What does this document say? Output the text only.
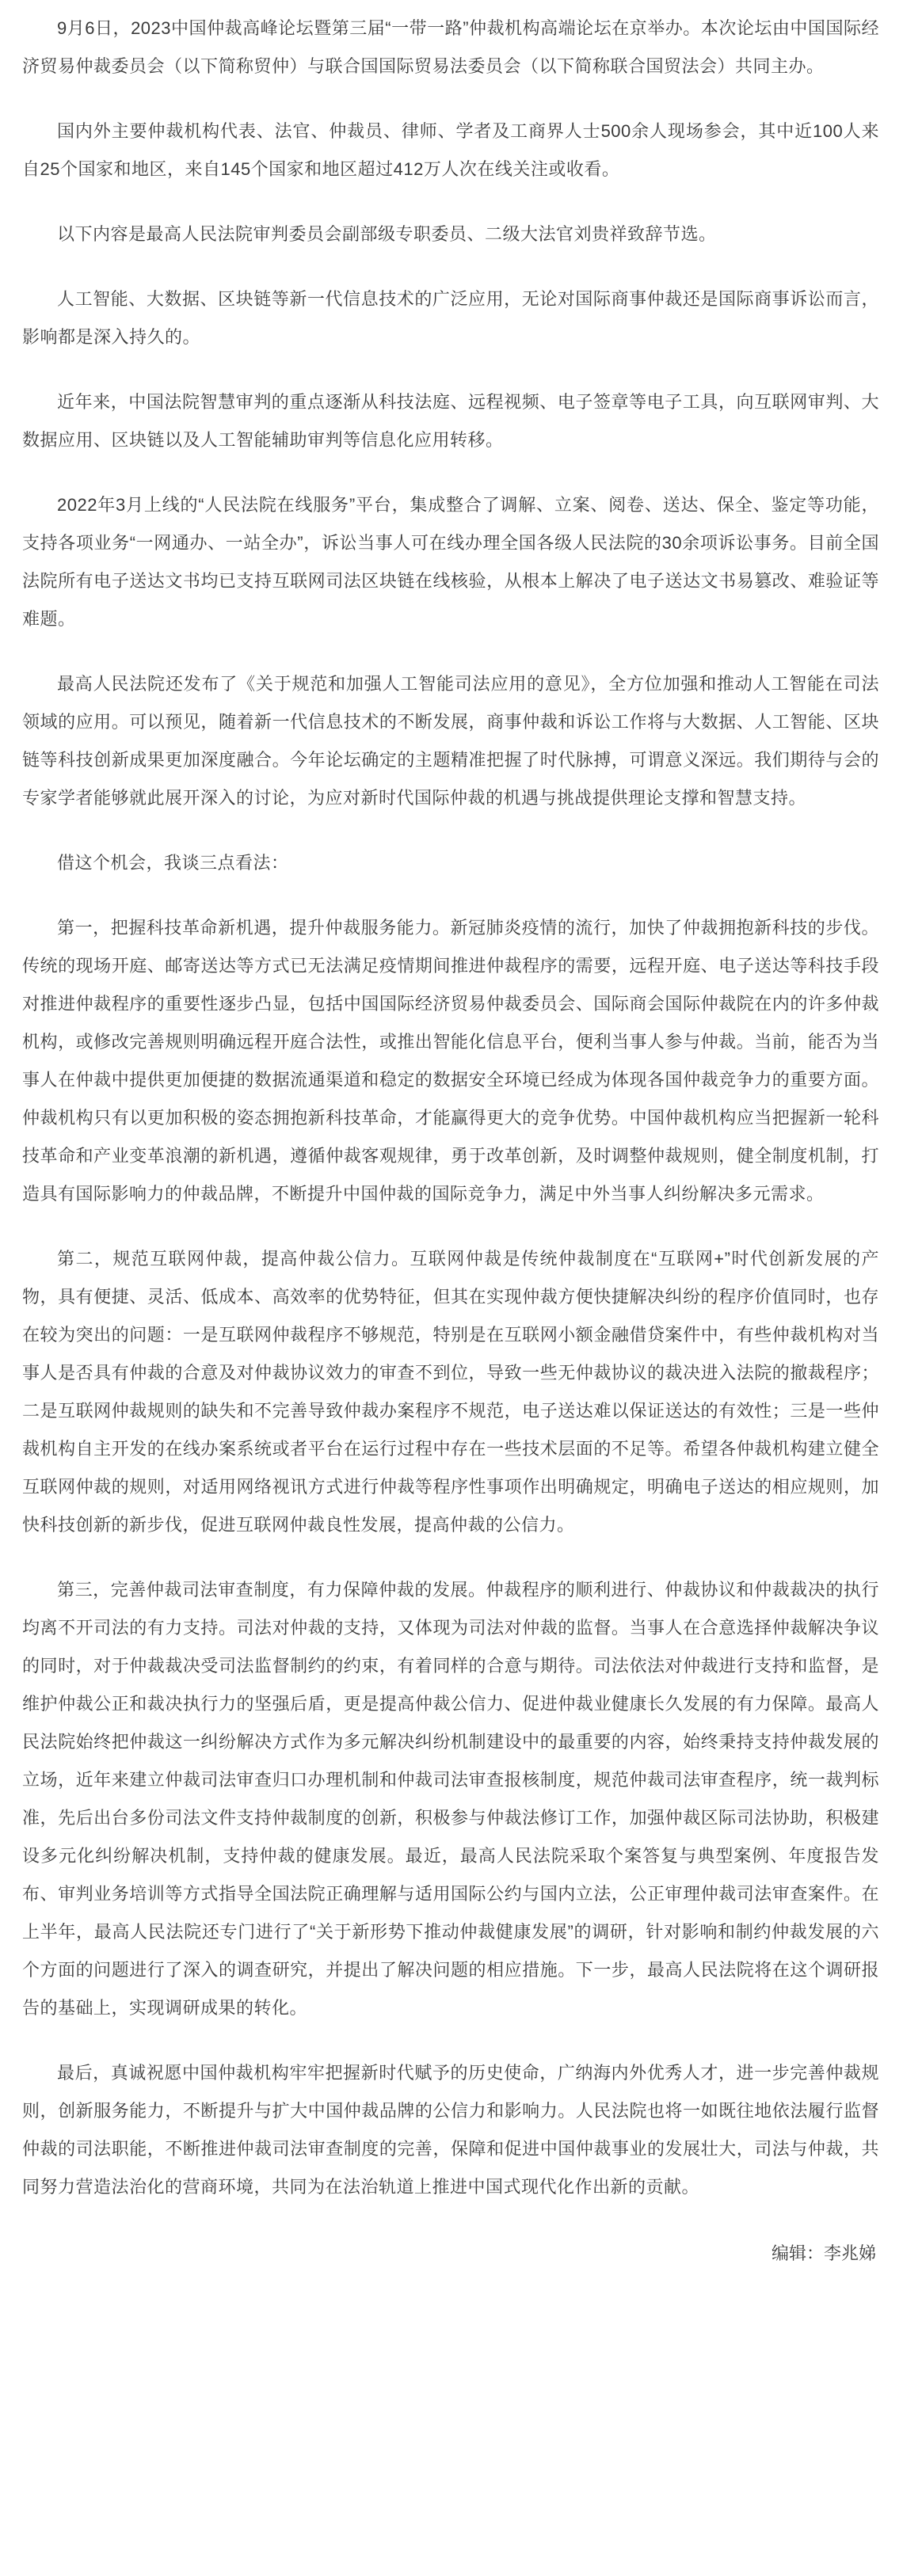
9月6日，2023中国仲裁高峰论坛暨第三届“一带一路”仲裁机构高端论坛在京举办。本次论坛由中国国际经济贸易仲裁委员会（以下简称贸仲）与联合国国际贸易法委员会（以下简称联合国贸法会）共同主办。

国内外主要仲裁机构代表、法官、仲裁员、律师、学者及工商界人士500余人现场参会，其中近100人来自25个国家和地区，来自145个国家和地区超过412万人次在线关注或收看。

以下内容是最高人民法院审判委员会副部级专职委员、二级大法官刘贵祥致辞节选。

人工智能、大数据、区块链等新一代信息技术的广泛应用，无论对国际商事仲裁还是国际商事诉讼而言，影响都是深入持久的。

近年来，中国法院智慧审判的重点逐渐从科技法庭、远程视频、电子签章等电子工具，向互联网审判、大数据应用、区块链以及人工智能辅助审判等信息化应用转移。

2022年3月上线的“人民法院在线服务”平台，集成整合了调解、立案、阅卷、送达、保全、鉴定等功能，支持各项业务“一网通办、一站全办”，诉讼当事人可在线办理全国各级人民法院的30余项诉讼事务。目前全国法院所有电子送达文书均已支持互联网司法区块链在线核验，从根本上解决了电子送达文书易篡改、难验证等难题。

最高人民法院还发布了《关于规范和加强人工智能司法应用的意见》，全方位加强和推动人工智能在司法领域的应用。可以预见，随着新一代信息技术的不断发展，商事仲裁和诉讼工作将与大数据、人工智能、区块链等科技创新成果更加深度融合。今年论坛确定的主题精准把握了时代脉搏，可谓意义深远。我们期待与会的专家学者能够就此展开深入的讨论，为应对新时代国际仲裁的机遇与挑战提供理论支撑和智慧支持。

借这个机会，我谈三点看法：

第一，把握科技革命新机遇，提升仲裁服务能力。新冠肺炎疫情的流行，加快了仲裁拥抱新科技的步伐。传统的现场开庭、邮寄送达等方式已无法满足疫情期间推进仲裁程序的需要，远程开庭、电子送达等科技手段对推进仲裁程序的重要性逐步凸显，包括中国国际经济贸易仲裁委员会、国际商会国际仲裁院在内的许多仲裁机构，或修改完善规则明确远程开庭合法性，或推出智能化信息平台，便利当事人参与仲裁。当前，能否为当事人在仲裁中提供更加便捷的数据流通渠道和稳定的数据安全环境已经成为体现各国仲裁竞争力的重要方面。仲裁机构只有以更加积极的姿态拥抱新科技革命，才能赢得更大的竞争优势。中国仲裁机构应当把握新一轮科技革命和产业变革浪潮的新机遇，遵循仲裁客观规律，勇于改革创新，及时调整仲裁规则，健全制度机制，打造具有国际影响力的仲裁品牌，不断提升中国仲裁的国际竞争力，满足中外当事人纠纷解决多元需求。

第二，规范互联网仲裁，提高仲裁公信力。互联网仲裁是传统仲裁制度在“互联网+”时代创新发展的产物，具有便捷、灵活、低成本、高效率的优势特征，但其在实现仲裁方便快捷解决纠纷的程序价值同时，也存在较为突出的问题：一是互联网仲裁程序不够规范，特别是在互联网小额金融借贷案件中，有些仲裁机构对当事人是否具有仲裁的合意及对仲裁协议效力的审查不到位，导致一些无仲裁协议的裁决进入法院的撤裁程序；二是互联网仲裁规则的缺失和不完善导致仲裁办案程序不规范，电子送达难以保证送达的有效性；三是一些仲裁机构自主开发的在线办案系统或者平台在运行过程中存在一些技术层面的不足等。希望各仲裁机构建立健全互联网仲裁的规则，对适用网络视讯方式进行仲裁等程序性事项作出明确规定，明确电子送达的相应规则，加快科技创新的新步伐，促进互联网仲裁良性发展，提高仲裁的公信力。

第三，完善仲裁司法审查制度，有力保障仲裁的发展。仲裁程序的顺利进行、仲裁协议和仲裁裁决的执行均离不开司法的有力支持。司法对仲裁的支持，又体现为司法对仲裁的监督。当事人在合意选择仲裁解决争议的同时，对于仲裁裁决受司法监督制约的约束，有着同样的合意与期待。司法依法对仲裁进行支持和监督，是维护仲裁公正和裁决执行力的坚强后盾，更是提高仲裁公信力、促进仲裁业健康长久发展的有力保障。最高人民法院始终把仲裁这一纠纷解决方式作为多元解决纠纷机制建设中的最重要的内容，始终秉持支持仲裁发展的立场，近年来建立仲裁司法审查归口办理机制和仲裁司法审查报核制度，规范仲裁司法审查程序，统一裁判标准，先后出台多份司法文件支持仲裁制度的创新，积极参与仲裁法修订工作，加强仲裁区际司法协助，积极建设多元化纠纷解决机制，支持仲裁的健康发展。最近，最高人民法院采取个案答复与典型案例、年度报告发布、审判业务培训等方式指导全国法院正确理解与适用国际公约与国内立法，公正审理仲裁司法审查案件。在上半年，最高人民法院还专门进行了“关于新形势下推动仲裁健康发展”的调研，针对影响和制约仲裁发展的六个方面的问题进行了深入的调查研究，并提出了解决问题的相应措施。下一步，最高人民法院将在这个调研报告的基础上，实现调研成果的转化。

最后，真诚祝愿中国仲裁机构牢牢把握新时代赋予的历史使命，广纳海内外优秀人才，进一步完善仲裁规则，创新服务能力，不断提升与扩大中国仲裁品牌的公信力和影响力。人民法院也将一如既往地依法履行监督仲裁的司法职能，不断推进仲裁司法审查制度的完善，保障和促进中国仲裁事业的发展壮大，司法与仲裁，共同努力营造法治化的营商环境，共同为在法治轨道上推进中国式现代化作出新的贡献。

编辑：李兆娣
